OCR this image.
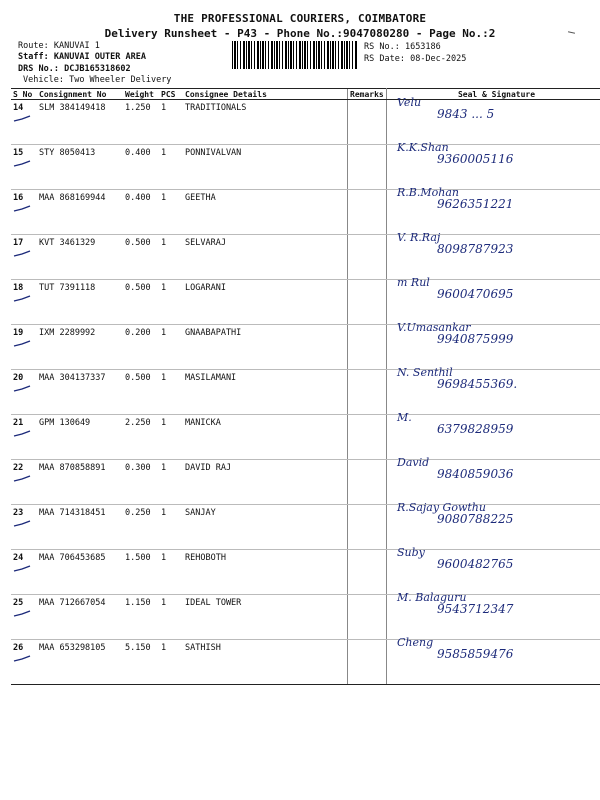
THE PROFESSIONAL COURIERS, COIMBATORE
Delivery Runsheet - P43 - Phone No.:9047080280 - Page No.:2
Route: KANUVAI 1
Staff: KANUVAI OUTER AREA
DRS No.: DCJB165318602
Vehicle: Two Wheeler Delivery
RS No.: 1653186
RS Date: 08-Dec-2025
S No	Consignment No	Weight	PCS	Consignee Details	Remarks	Seal & Signature
14	SLM 384149418	1.250	1	TRADITIONALS		Velu
9843 ... 5

15	STY 8050413	0.400	1	PONNIVALVAN		K.K.Shan
9360005116

16	MAA 868169944	0.400	1	GEETHA		R.B.Mohan
9626351221

17	KVT 3461329	0.500	1	SELVARAJ		V. R.Raj
8098787923

18	TUT 7391118	0.500	1	LOGARANI		m Rul
9600470695

19	IXM 2289992	0.200	1	GNAABAPATHI		V.Umasankar
9940875999

20	MAA 304137337	0.500	1	MASILAMANI		N. Senthil
9698455369.

21	GPM 130649	2.250	1	MANICKA		M.
6379828959

22	MAA 870858891	0.300	1	DAVID RAJ		David
9840859036

23	MAA 714318451	0.250	1	SANJAY		R.Sajay Gowthu
9080788225

24	MAA 706453685	1.500	1	REHOBOTH		Suby
9600482765

25	MAA 712667054	1.150	1	IDEAL TOWER		M. Balaguru
9543712347

26	MAA 653298105	5.150	1	SATHISH		Cheng
9585859476
